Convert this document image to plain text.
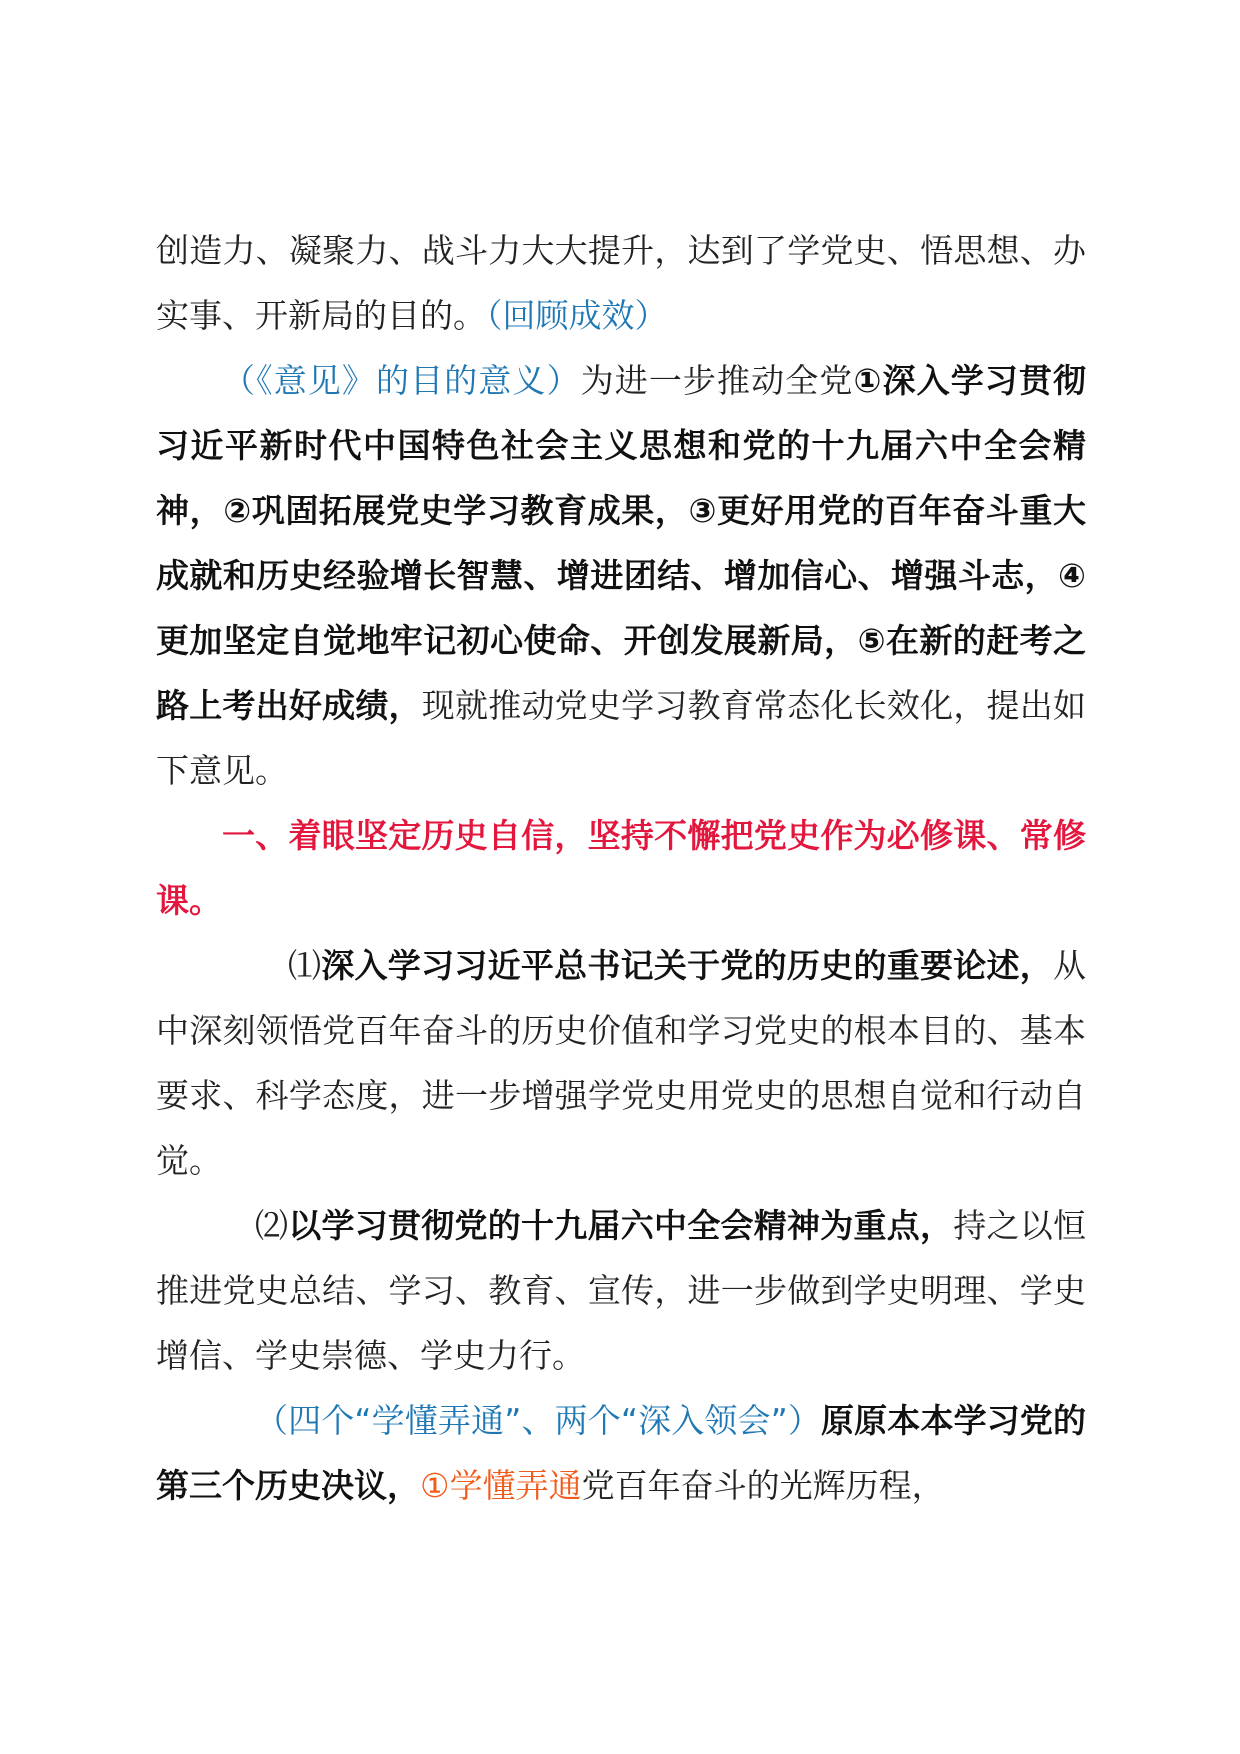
创造力、凝聚力、战斗力大大提升，达到了学党史、悟思想、办实事、开新局的目的。（回顾成效）

（《意见》的目的意义）为进一步推动全党①深入学习贯彻习近平新时代中国特色社会主义思想和党的十九届六中全会精神，②巩固拓展党史学习教育成果，③更好用党的百年奋斗重大成就和历史经验增长智慧、增进团结、增加信心、增强斗志，④更加坚定自觉地牢记初心使命、开创发展新局，⑤在新的赶考之路上考出好成绩，现就推动党史学习教育常态化长效化，提出如下意见。

一、着眼坚定历史自信，坚持不懈把党史作为必修课、常修课。

⑴深入学习习近平总书记关于党的历史的重要论述，从中深刻领悟党百年奋斗的历史价值和学习党史的根本目的、基本要求、科学态度，进一步增强学党史用党史的思想自觉和行动自觉。

⑵以学习贯彻党的十九届六中全会精神为重点，持之以恒推进党史总结、学习、教育、宣传，进一步做到学史明理、学史增信、学史崇德、学史力行。

（四个“学懂弄通”、两个“深入领会”）原原本本学习党的第三个历史决议，①学懂弄通党百年奋斗的光辉历程，
